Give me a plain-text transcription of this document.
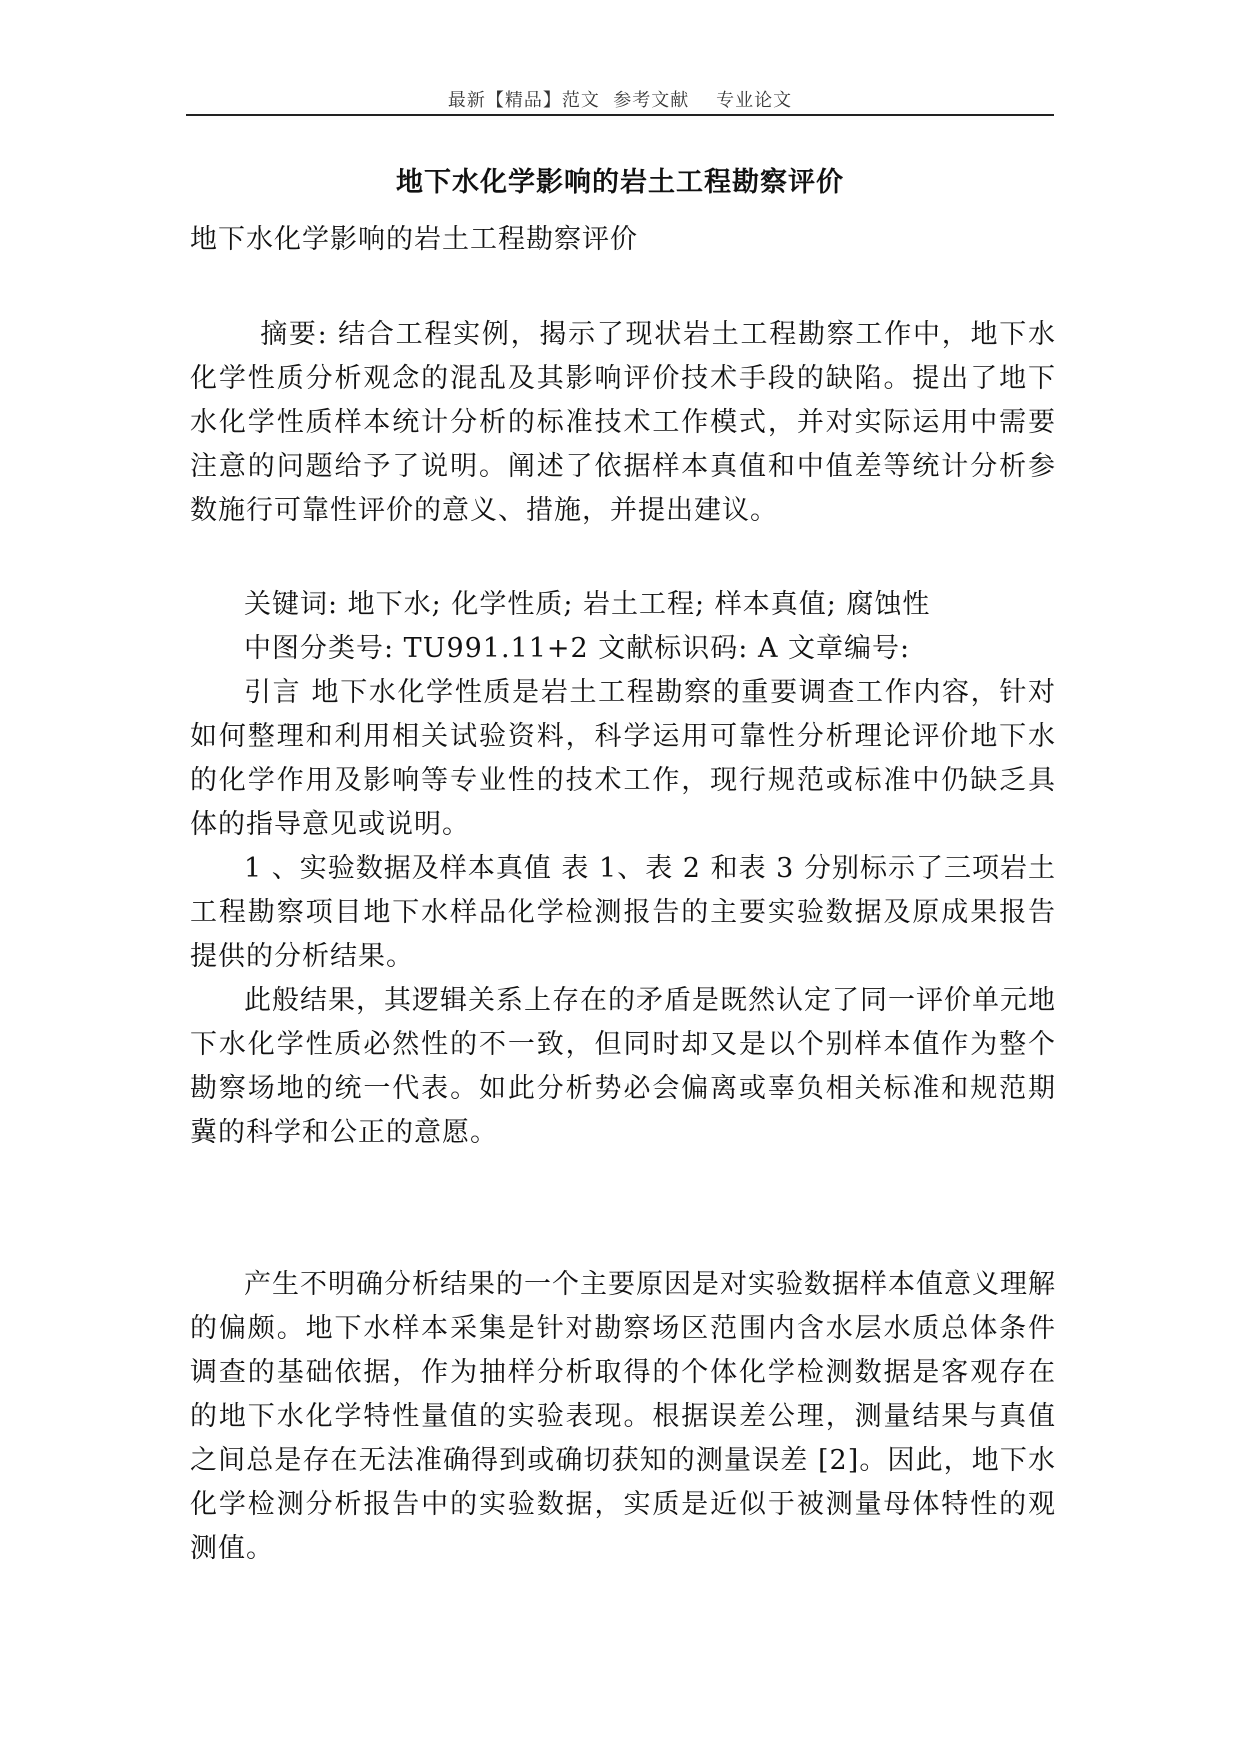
最新【精品】范文  参考文献    专业论文
地下水化学影响的岩土工程勘察评价

地下水化学影响的岩土工程勘察评价

摘要: 结合工程实例，揭示了现状岩土工程勘察工作中，地下水化学性质分析观念的混乱及其影响评价技术手段的缺陷。提出了地下水化学性质样本统计分析的标准技术工作模式，并对实际运用中需要注意的问题给予了说明。阐述了依据样本真值和中值差等统计分析参数施行可靠性评价的意义、措施，并提出建议。

关键词: 地下水; 化学性质; 岩土工程; 样本真值; 腐蚀性

中图分类号: TU991.11+2 文献标识码: A 文章编号:

引言 地下水化学性质是岩土工程勘察的重要调查工作内容，针对如何整理和利用相关试验资料，科学运用可靠性分析理论评价地下水的化学作用及影响等专业性的技术工作，现行规范或标准中仍缺乏具体的指导意见或说明。

1 、实验数据及样本真值 表 1、表 2 和表 3 分别标示了三项岩土工程勘察项目地下水样品化学检测报告的主要实验数据及原成果报告提供的分析结果。

此般结果，其逻辑关系上存在的矛盾是既然认定了同一评价单元地下水化学性质必然性的不一致，但同时却又是以个别样本值作为整个勘察场地的统一代表。如此分析势必会偏离或辜负相关标准和规范期冀的科学和公正的意愿。

产生不明确分析结果的一个主要原因是对实验数据样本值意义理解的偏颇。地下水样本采集是针对勘察场区范围内含水层水质总体条件调查的基础依据，作为抽样分析取得的个体化学检测数据是客观存在的地下水化学特性量值的实验表现。根据误差公理，测量结果与真值之间总是存在无法准确得到或确切获知的测量误差 [2]。因此，地下水化学检测分析报告中的实验数据，实质是近似于被测量母体特性的观测值。
